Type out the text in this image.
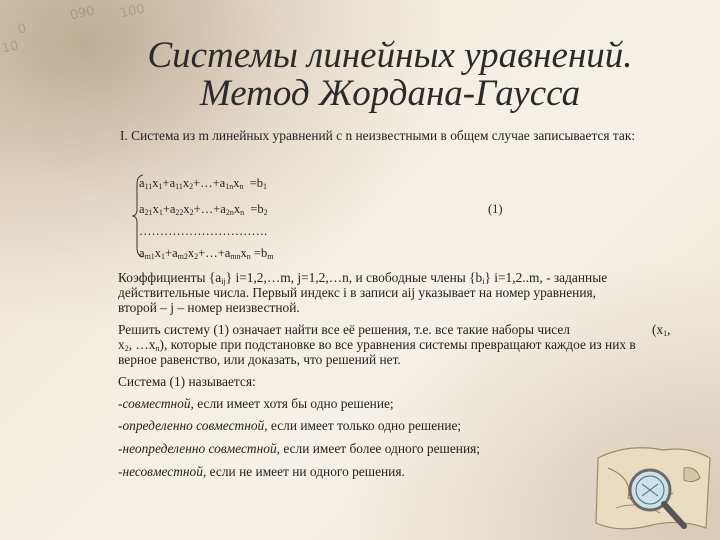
090 100
0
10	Системы линейных уравнений.
Метод Жордана-Гаусса
I. Система из m линейных уравнений с n неизвестными в общем случае записывается так:
$a_{11}x_1+a_{11}x_2+\dots+a_{1n}x_n =b_1$
$a_{21}x_1+a_{22}x_2+\dots+a_{2n}x_n =b_2$	(1)
………………………….
$a_{m1}x_1+a_{m2}x_2+\dots+a_{mn}x_n =b_m$
Коэффициенты $\{a_{ij}\}$ i=1,2,…m, j=1,2,…n, и свободные члены $\{b_i\}$ i=1,2..m, - заданные
действительные числа. Первый индекс i в записи aij указывает на номер уравнения,
второй – j – номер неизвестной.
Решить систему (1) означает найти все её решения, т.е. все такие наборы чисел	($x_1$,
$x_2$, $\dots x_n$), которые при подстановке во все уравнения системы превращают каждое из них в
верное равенство, или доказать, что решений нет.
Система (1) называется:
-совместной, если имеет хотя бы одно решение;
-определенно совместной, если имеет только одно решение;
-неопределенно совместной, если имеет более одного решения;
-несовместной, если не имеет ни одного решения.
